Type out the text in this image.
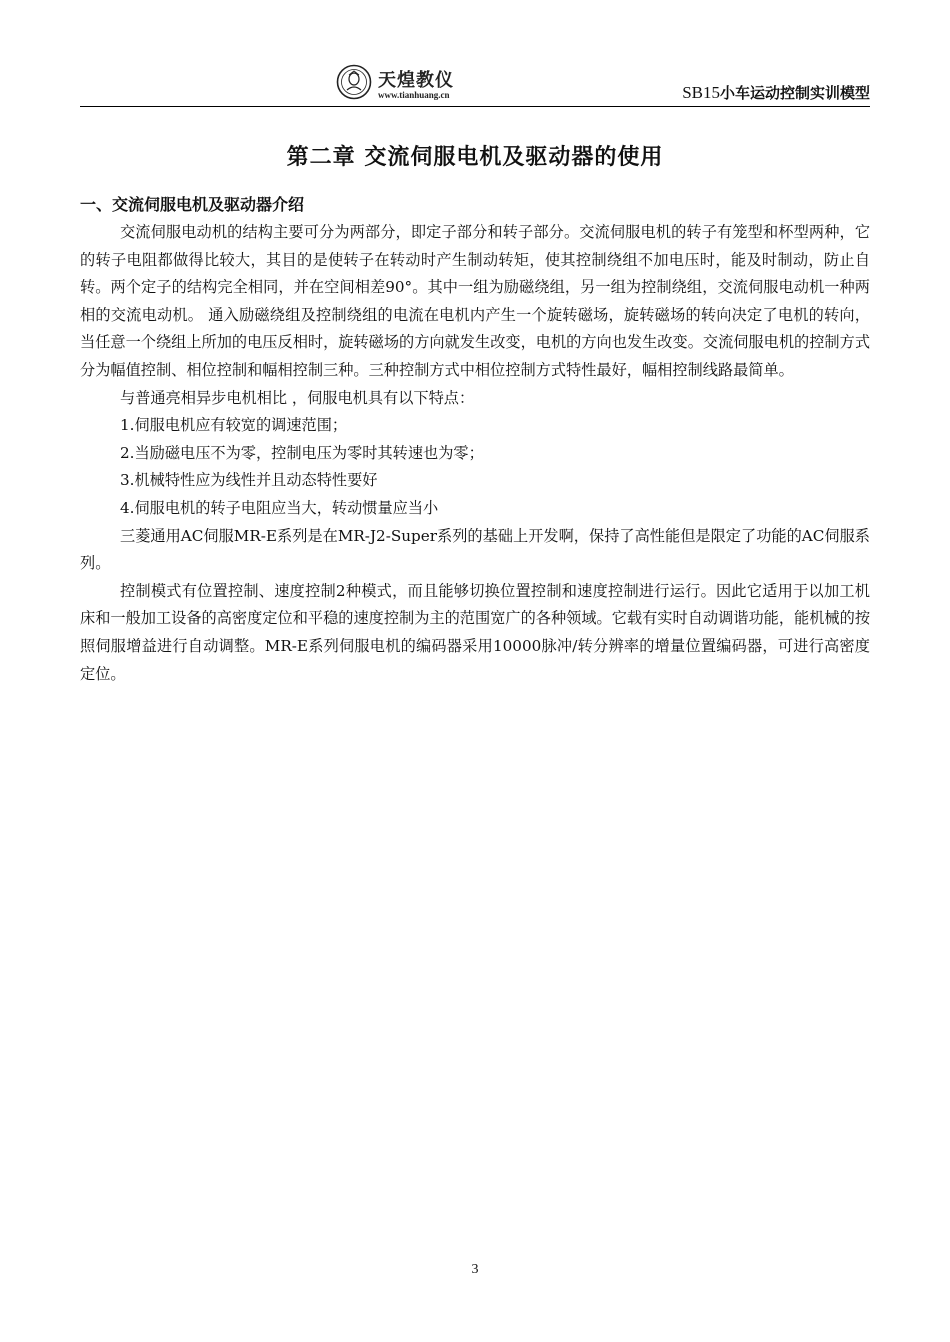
天煌教仪
www.tianhuang.cn	SB15小车运动控制实训模型
第二章 交流伺服电机及驱动器的使用
一、交流伺服电机及驱动器介绍

交流伺服电动机的结构主要可分为两部分，即定子部分和转子部分。交流伺服电机的转子有笼型和杯型两种，它的转子电阻都做得比较大，其目的是使转子在转动时产生制动转矩，使其控制绕组不加电压时，能及时制动，防止自转。两个定子的结构完全相同，并在空间相差90°。其中一组为励磁绕组，另一组为控制绕组，交流伺服电动机一种两相的交流电动机。 通入励磁绕组及控制绕组的电流在电机内产生一个旋转磁场，旋转磁场的转向决定了电机的转向，当任意一个绕组上所加的电压反相时，旋转磁场的方向就发生改变，电机的方向也发生改变。交流伺服电机的控制方式分为幅值控制、相位控制和幅相控制三种。三种控制方式中相位控制方式特性最好，幅相控制线路最简单。

与普通亮相异步电机相比 ，伺服电机具有以下特点：

1.伺服电机应有较宽的调速范围；

2.当励磁电压不为零，控制电压为零时其转速也为零；

3.机械特性应为线性并且动态特性要好

4.伺服电机的转子电阻应当大，转动惯量应当小

三菱通用AC伺服MR-E系列是在MR-J2-Super系列的基础上开发啊，保持了高性能但是限定了功能的AC伺服系列。

控制模式有位置控制、速度控制2种模式，而且能够切换位置控制和速度控制进行运行。因此它适用于以加工机床和一般加工设备的高密度定位和平稳的速度控制为主的范围宽广的各种领域。它载有实时自动调谐功能，能机械的按照伺服增益进行自动调整。MR-E系列伺服电机的编码器采用10000脉冲/转分辨率的增量位置编码器，可进行高密度定位。

3
